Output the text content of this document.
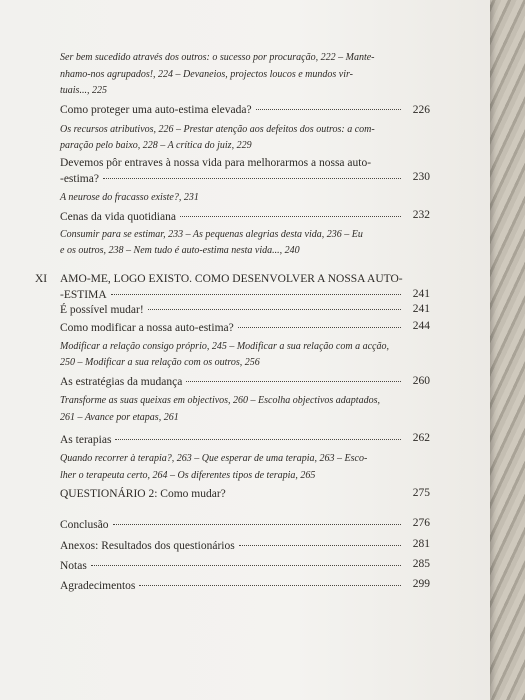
Ser bem sucedido através dos outros: o sucesso por procuração, 222 – Mante-
nhamo-nos agrupados!, 224 – Devaneios, projectos loucos e mundos vir-
tuais..., 225
Como proteger uma auto-estima elevada?	226
Os recursos atributivos, 226 – Prestar atenção aos defeitos dos outros: a com-
paração pelo baixo, 228 – A crítica do juiz, 229
Devemos pôr entraves à nossa vida para melhorarmos a nossa auto-
-estima?	230
A neurose do fracasso existe?, 231
Cenas da vida quotidiana	232
Consumir para se estimar, 233 – As pequenas alegrias desta vida, 236 – Eu
e os outros, 238 – Nem tudo é auto-estima nesta vida..., 240
XI AMO-ME, LOGO EXISTO. COMO DESENVOLVER A NOSSA AUTO-
-ESTIMA	241
É possível mudar!	241
Como modificar a nossa auto-estima?	244
Modificar a relação consigo próprio, 245 – Modificar a sua relação com a acção,
250 – Modificar a sua relação com os outros, 256
As estratégias da mudança	260
Transforme as suas queixas em objectivos, 260 – Escolha objectivos adaptados,
261 – Avance por etapas, 261
As terapias	262
Quando recorrer à terapia?, 263 – Que esperar de uma terapia, 263 – Esco-
lher o terapeuta certo, 264 – Os diferentes tipos de terapia, 265
QUESTIONÁRIO 2: Como mudar?	275
Conclusão	276
Anexos: Resultados dos questionários	281
Notas	285
Agradecimentos	299
